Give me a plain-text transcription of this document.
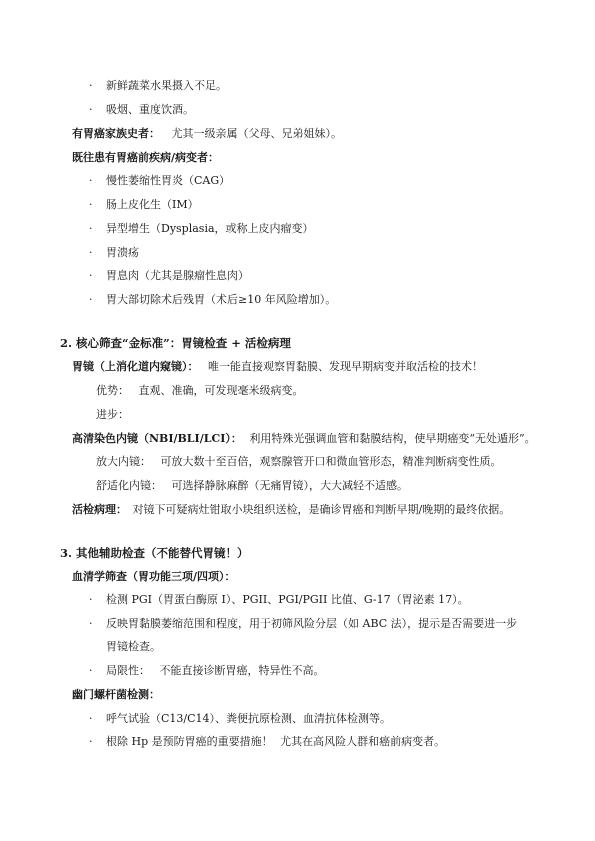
· 新鲜蔬菜水果摄入不足。
· 吸烟、重度饮酒。
有胃癌家族史者： 尤其一级亲属（父母、兄弟姐妹）。
既往患有胃癌前疾病/病变者：
· 慢性萎缩性胃炎（CAG）
· 肠上皮化生（IM）
· 异型增生（Dysplasia，或称上皮内瘤变）
· 胃溃疡
· 胃息肉（尤其是腺瘤性息肉）
· 胃大部切除术后残胃（术后≥10 年风险增加）。
2. 核心筛查“金标准”：胃镜检查 + 活检病理
胃镜（上消化道内窥镜）： 唯一能直接观察胃黏膜、发现早期病变并取活检的技术！
优势： 直观、准确，可发现毫米级病变。
进步：
高清染色内镜（NBI/BLI/LCI）： 利用特殊光强调血管和黏膜结构，使早期癌变“无处遁形”。
放大内镜： 可放大数十至百倍，观察腺管开口和微血管形态，精准判断病变性质。
舒适化内镜： 可选择静脉麻醉（无痛胃镜），大大减轻不适感。
活检病理： 对镜下可疑病灶钳取小块组织送检，是确诊胃癌和判断早期/晚期的最终依据。
3. 其他辅助检查（不能替代胃镜！）
血清学筛查（胃功能三项/四项）：
· 检测 PGI（胃蛋白酶原 I）、PGII、PGI/PGII 比值、G-17（胃泌素 17）。
· 反映胃黏膜萎缩范围和程度，用于初筛风险分层（如 ABC 法），提示是否需要进一步
胃镜检查。
· 局限性： 不能直接诊断胃癌，特异性不高。
幽门螺杆菌检测：
· 呼气试验（C13/C14）、粪便抗原检测、血清抗体检测等。
· 根除 Hp 是预防胃癌的重要措施！ 尤其在高风险人群和癌前病变者。
